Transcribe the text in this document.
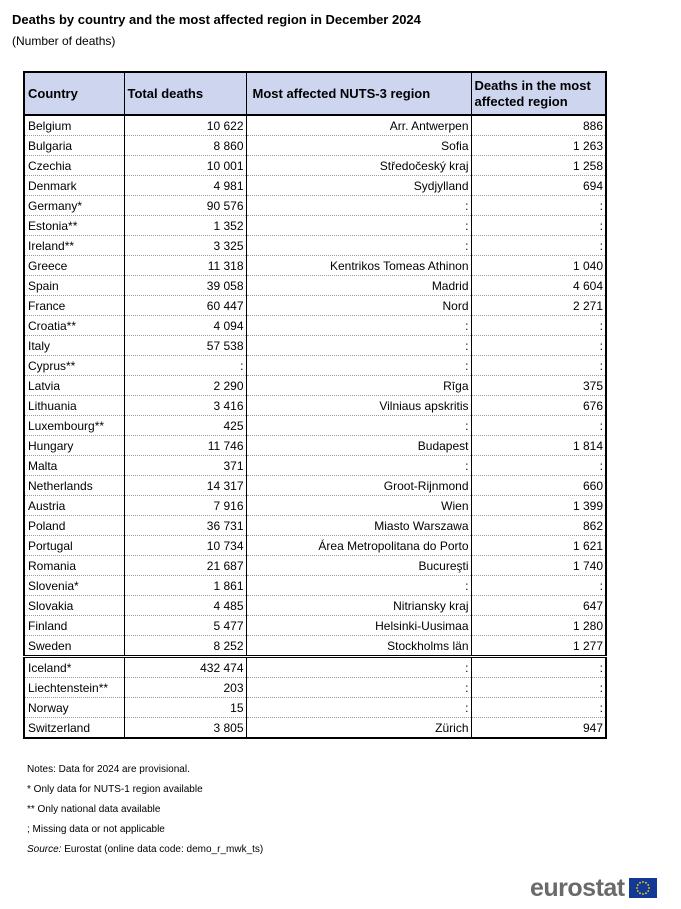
Deaths by country and the most affected region in December 2024
(Number of deaths)
Country	Total deaths	Most affected NUTS-3 region	Deaths in the most affected region
Belgium	10 622	Arr. Antwerpen	886
Bulgaria	8 860	Sofia	1 263
Czechia	10 001	Středočeský kraj	1 258
Denmark	4 981	Sydjylland	694
Germany*	90 576	:	:
Estonia**	1 352	:	:
Ireland**	3 325	:	:
Greece	11 318	Kentrikos Tomeas Athinon	1 040
Spain	39 058	Madrid	4 604
France	60 447	Nord	2 271
Croatia**	4 094	:	:
Italy	57 538	:	:
Cyprus**	:	:	:
Latvia	2 290	Rīga	375
Lithuania	3 416	Vilniaus apskritis	676
Luxembourg**	425	:	:
Hungary	11 746	Budapest	1 814
Malta	371	:	:
Netherlands	14 317	Groot-Rijnmond	660
Austria	7 916	Wien	1 399
Poland	36 731	Miasto Warszawa	862
Portugal	10 734	Área Metropolitana do Porto	1 621
Romania	21 687	Bucureşti	1 740
Slovenia*	1 861	:	:
Slovakia	4 485	Nitriansky kraj	647
Finland	5 477	Helsinki-Uusimaa	1 280
Sweden	8 252	Stockholms län	1 277
Iceland*	432 474	:	:
Liechtenstein**	203	:	:
Norway	15	:	:
Switzerland	3 805	Zürich	947
Notes: Data for 2024 are provisional.
* Only data for NUTS-1 region available
** Only national data available
; Missing data or not applicable
Source: Eurostat (online data code: demo_r_mwk_ts)
eurostat
